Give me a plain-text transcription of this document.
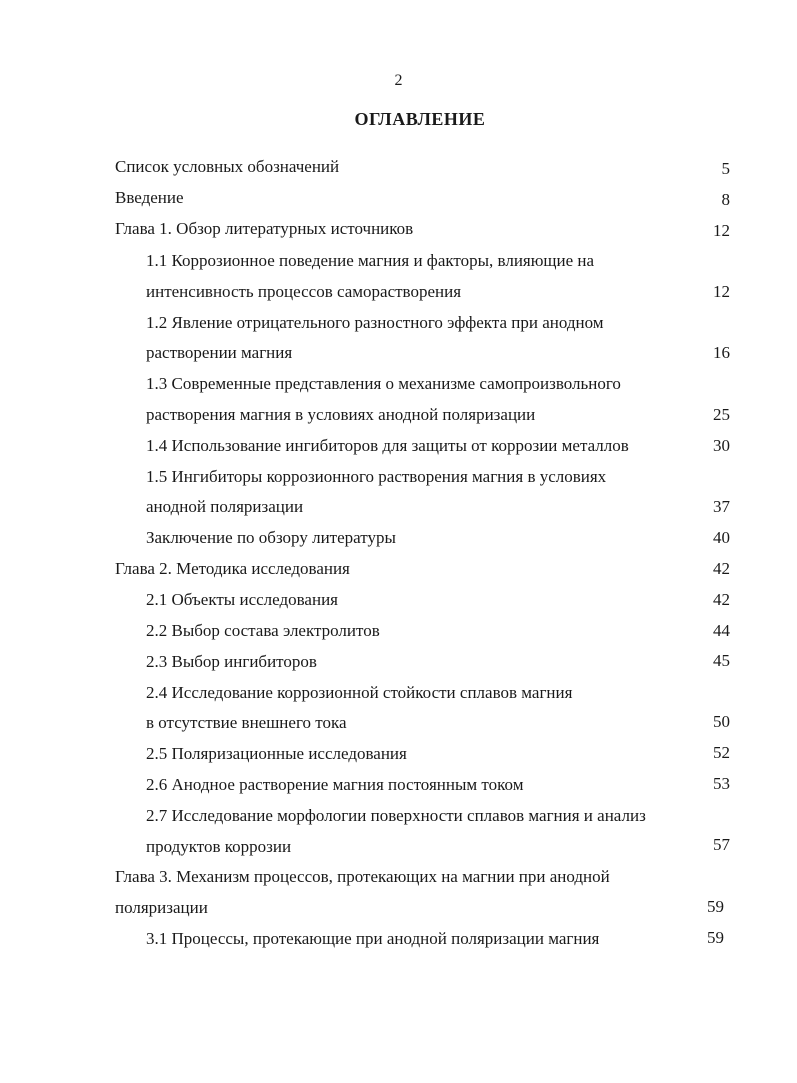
2
ОГЛАВЛЕНИЕ
Список условных обозначений	5
Введение	8
Глава 1. Обзор литературных источников	12
1.1 Коррозионное поведение магния и факторы, влияющие на
интенсивность процессов саморастворения	12
1.2 Явление отрицательного разностного эффекта при анодном
растворении магния	16
1.3 Современные представления о механизме самопроизвольного
растворения магния в условиях анодной поляризации	25
1.4 Использование ингибиторов для защиты от коррозии металлов	30
1.5 Ингибиторы коррозионного растворения магния в условиях
анодной поляризации	37
Заключение по обзору литературы	40
Глава 2. Методика исследования	42
2.1 Объекты исследования	42
2.2 Выбор состава электролитов	44
2.3 Выбор ингибиторов	45
2.4 Исследование коррозионной стойкости сплавов магния
в отсутствие внешнего тока	50
2.5 Поляризационные исследования	52
2.6 Анодное растворение магния постоянным током	53
2.7 Исследование морфологии поверхности сплавов магния и анализ
продуктов коррозии	57
Глава 3. Механизм процессов, протекающих на магнии при анодной
поляризации	59
3.1 Процессы, протекающие при анодной поляризации магния	59
